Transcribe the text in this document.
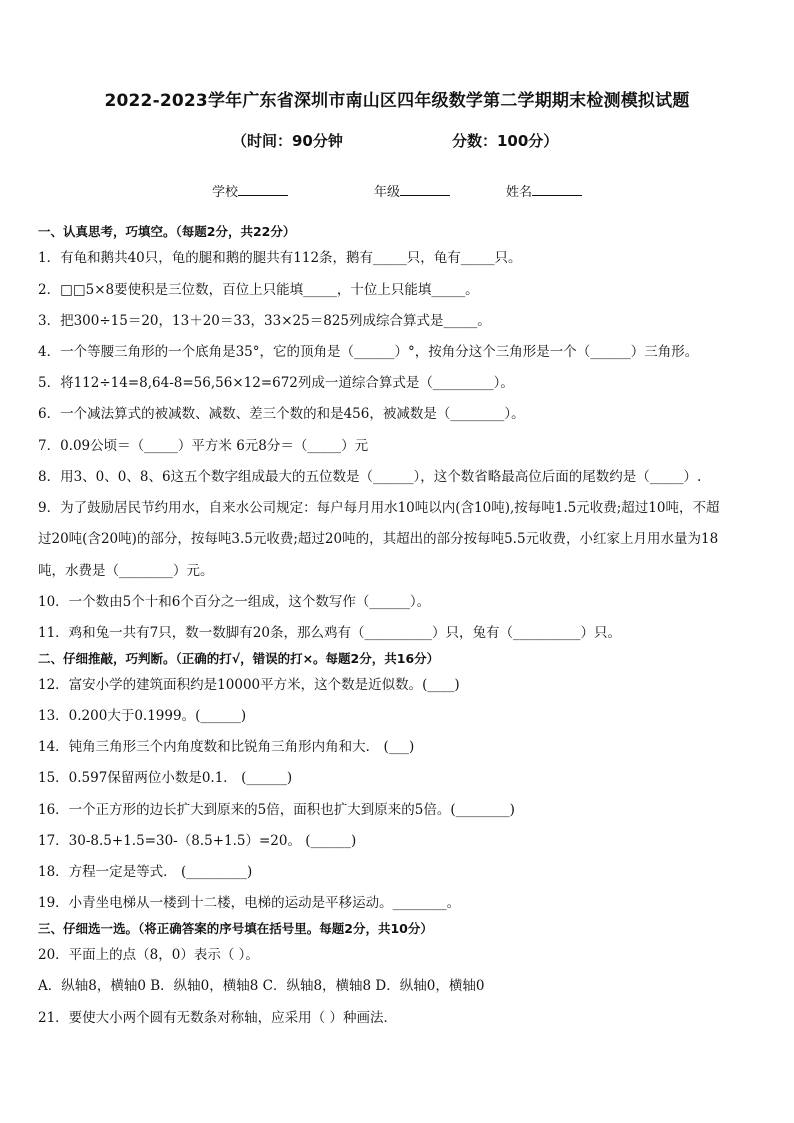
2022-2023学年广东省深圳市南山区四年级数学第二学期期末检测模拟试题
（时间：90分钟	分数：100分）
学校	年级	姓名
一、认真思考，巧填空。（每题2分，共22分）
1．有龟和鹅共40只，龟的腿和鹅的腿共有112条，鹅有_____只，龟有_____只。
2．□□5×8要使积是三位数，百位上只能填_____，十位上只能填_____。
3．把300÷15＝20，13＋20＝33，33×25＝825列成综合算式是_____。
4．一个等腰三角形的一个底角是35°，它的顶角是（______）°，按角分这个三角形是一个（______）三角形。
5．将112÷14=8,64-8=56,56×12=672列成一道综合算式是（_________）。
6．一个减法算式的被减数、减数、差三个数的和是456，被减数是（________）。
7．0.09公顷＝（_____）平方米 6元8分＝（_____）元
8．用3、0、0、8、6这五个数字组成最大的五位数是（______），这个数省略最高位后面的尾数约是（_____）.
9．为了鼓励居民节约用水，自来水公司规定：每户每月用水10吨以内(含10吨),按每吨1.5元收费;超过10吨，不超
过20吨(含20吨)的部分，按每吨3.5元收费;超过20吨的，其超出的部分按每吨5.5元收费，小红家上月用水量为18
吨，水费是（________）元。
10．一个数由5个十和6个百分之一组成，这个数写作（______）。
11．鸡和兔一共有7只，数一数脚有20条，那么鸡有（__________）只，兔有（__________）只。
二、仔细推敲，巧判断。（正确的打√，错误的打×。每题2分，共16分）
12．富安小学的建筑面积约是10000平方米，这个数是近似数。(____)
13．0.200大于0.1999。(______)
14．钝角三角形三个内角度数和比锐角三角形内角和大． (___)
15．0.597保留两位小数是0.1． (______)
16．一个正方形的边长扩大到原来的5倍，面积也扩大到原来的5倍。(________)
17．30-8.5+1.5=30-（8.5+1.5）=20。 (______)
18．方程一定是等式． (_________)
19．小青坐电梯从一楼到十二楼，电梯的运动是平移运动。________。
三、仔细选一选。（将正确答案的序号填在括号里。每题2分，共10分）
20．平面上的点（8，0）表示（ ）。
A．纵轴8，横轴0 B．纵轴0，横轴8 C．纵轴8，横轴8 D．纵轴0，横轴0
21．要使大小两个圆有无数条对称轴，应采用（ ）种画法．
